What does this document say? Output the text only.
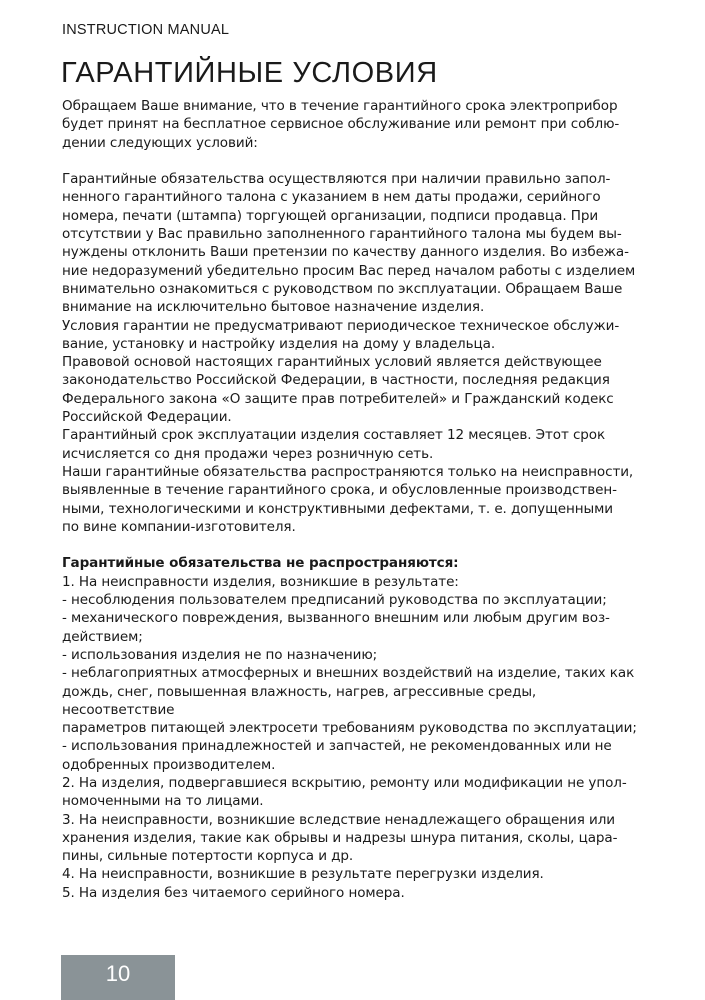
INSTRUCTION MANUAL
ГАРАНТИЙНЫЕ УСЛОВИЯ

Обращаем Ваше внимание, что в течение гарантийного срока электроприбор

будет принят на бесплатное сервисное обслуживание или ремонт при соблю-

дении следующих условий:

Гарантийные обязательства осуществляются при наличии правильно запол-

ненного гарантийного талона с указанием в нем даты продажи, серийного

номера, печати (штампа) торгующей организации, подписи продавца. При

отсутствии у Вас правильно заполненного гарантийного талона мы будем вы-

нуждены отклонить Ваши претензии по качеству данного изделия. Во избежа-

ние недоразумений убедительно просим Вас перед началом работы с изделием

внимательно ознакомиться с руководством по эксплуатации. Обращаем Ваше

внимание на исключительно бытовое назначение изделия.

Условия гарантии не предусматривают периодическое техническое обслужи-

вание, установку и настройку изделия на дому у владельца.

Правовой основой настоящих гарантийных условий является действующее

законодательство Российской Федерации, в частности, последняя редакция

Федерального закона «О защите прав потребителей» и Гражданский кодекс

Российской Федерации.

Гарантийный срок эксплуатации изделия составляет 12 месяцев. Этот срок

исчисляется со дня продажи через розничную сеть.

Наши гарантийные обязательства распространяются только на неисправности,

выявленные в течение гарантийного срока, и обусловленные производствен-

ными, технологическими и конструктивными дефектами, т. е. допущенными

по вине компании-изготовителя.

Гарантийные обязательства не распространяются:

1. На неисправности изделия, возникшие в результате:

- несоблюдения пользователем предписаний руководства по эксплуатации;

- механического повреждения, вызванного внешним или любым другим воз-

действием;

- использования изделия не по назначению;

- неблагоприятных атмосферных и внешних воздействий на изделие, таких как

дождь, снег, повышенная влажность, нагрев, агрессивные среды, несоответствие

параметров питающей электросети требованиям руководства по эксплуатации;

- использования принадлежностей и запчастей, не рекомендованных или не

одобренных производителем.

2. На изделия, подвергавшиеся вскрытию, ремонту или модификации не упол-

номоченными на то лицами.

3. На неисправности, возникшие вследствие ненадлежащего обращения или

хранения изделия, такие как обрывы и надрезы шнура питания, сколы, цара-

пины, сильные потертости корпуса и др.

4. На неисправности, возникшие в результате перегрузки изделия.

5. На изделия без читаемого серийного номера.

10
